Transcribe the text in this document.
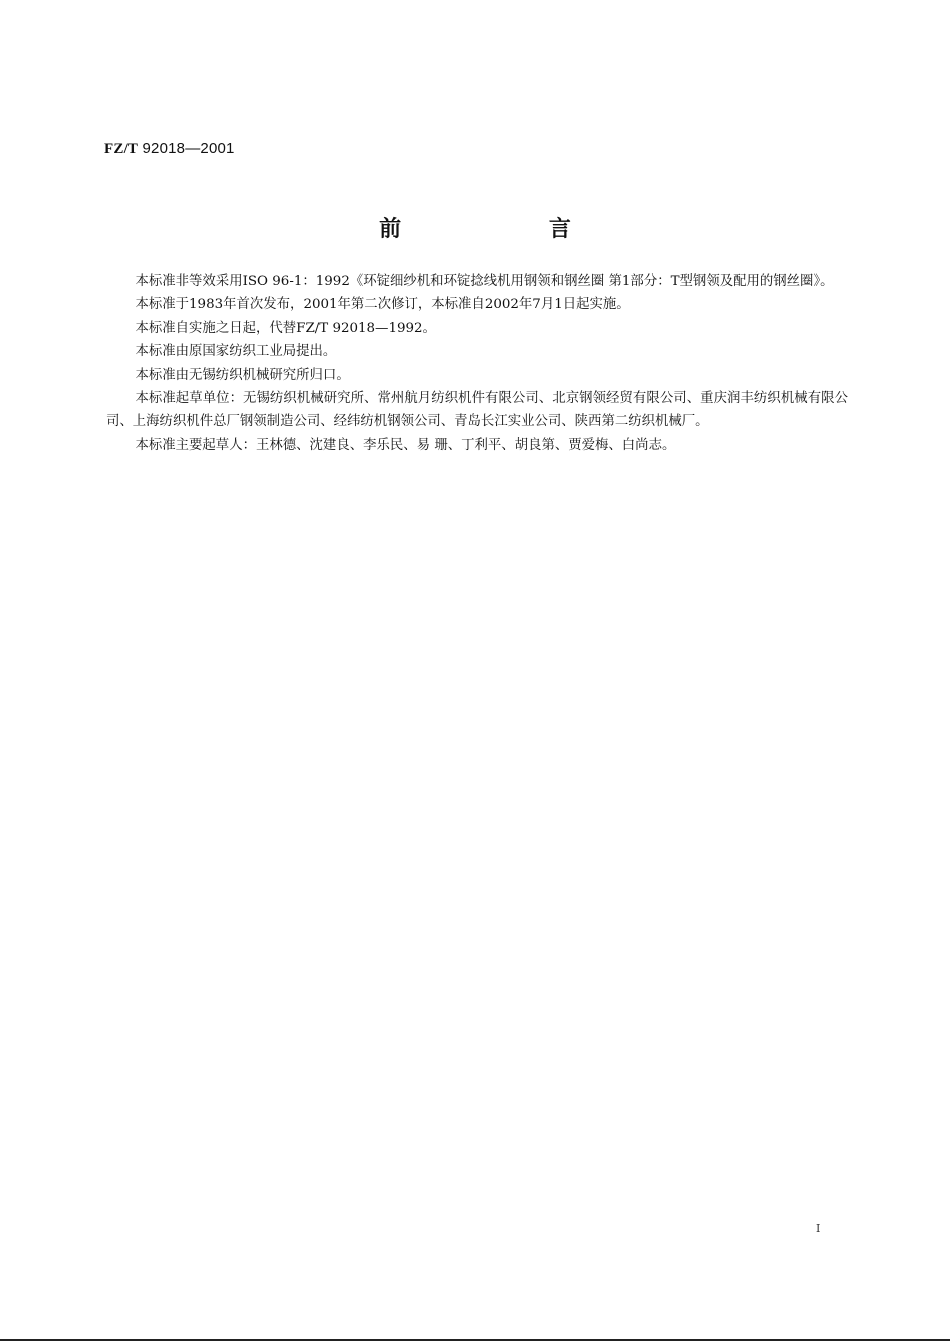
FZ/T 92018—2001
前 言

本标准非等效采用ISO 96-1：1992《环锭细纱机和环锭捻线机用钢领和钢丝圈 第1部分：T型钢领及配用的钢丝圈》。

本标准于1983年首次发布，2001年第二次修订，本标准自2002年7月1日起实施。

本标准自实施之日起，代替FZ/T 92018—1992。

本标准由原国家纺织工业局提出。

本标准由无锡纺织机械研究所归口。

本标准起草单位：无锡纺织机械研究所、常州航月纺织机件有限公司、北京钢领经贸有限公司、重庆润丰纺织机械有限公司、上海纺织机件总厂钢领制造公司、经纬纺机钢领公司、青岛长江实业公司、陕西第二纺织机械厂。

本标准主要起草人：王林德、沈建良、李乐民、易 珊、丁利平、胡良第、贾爱梅、白尚志。

I
